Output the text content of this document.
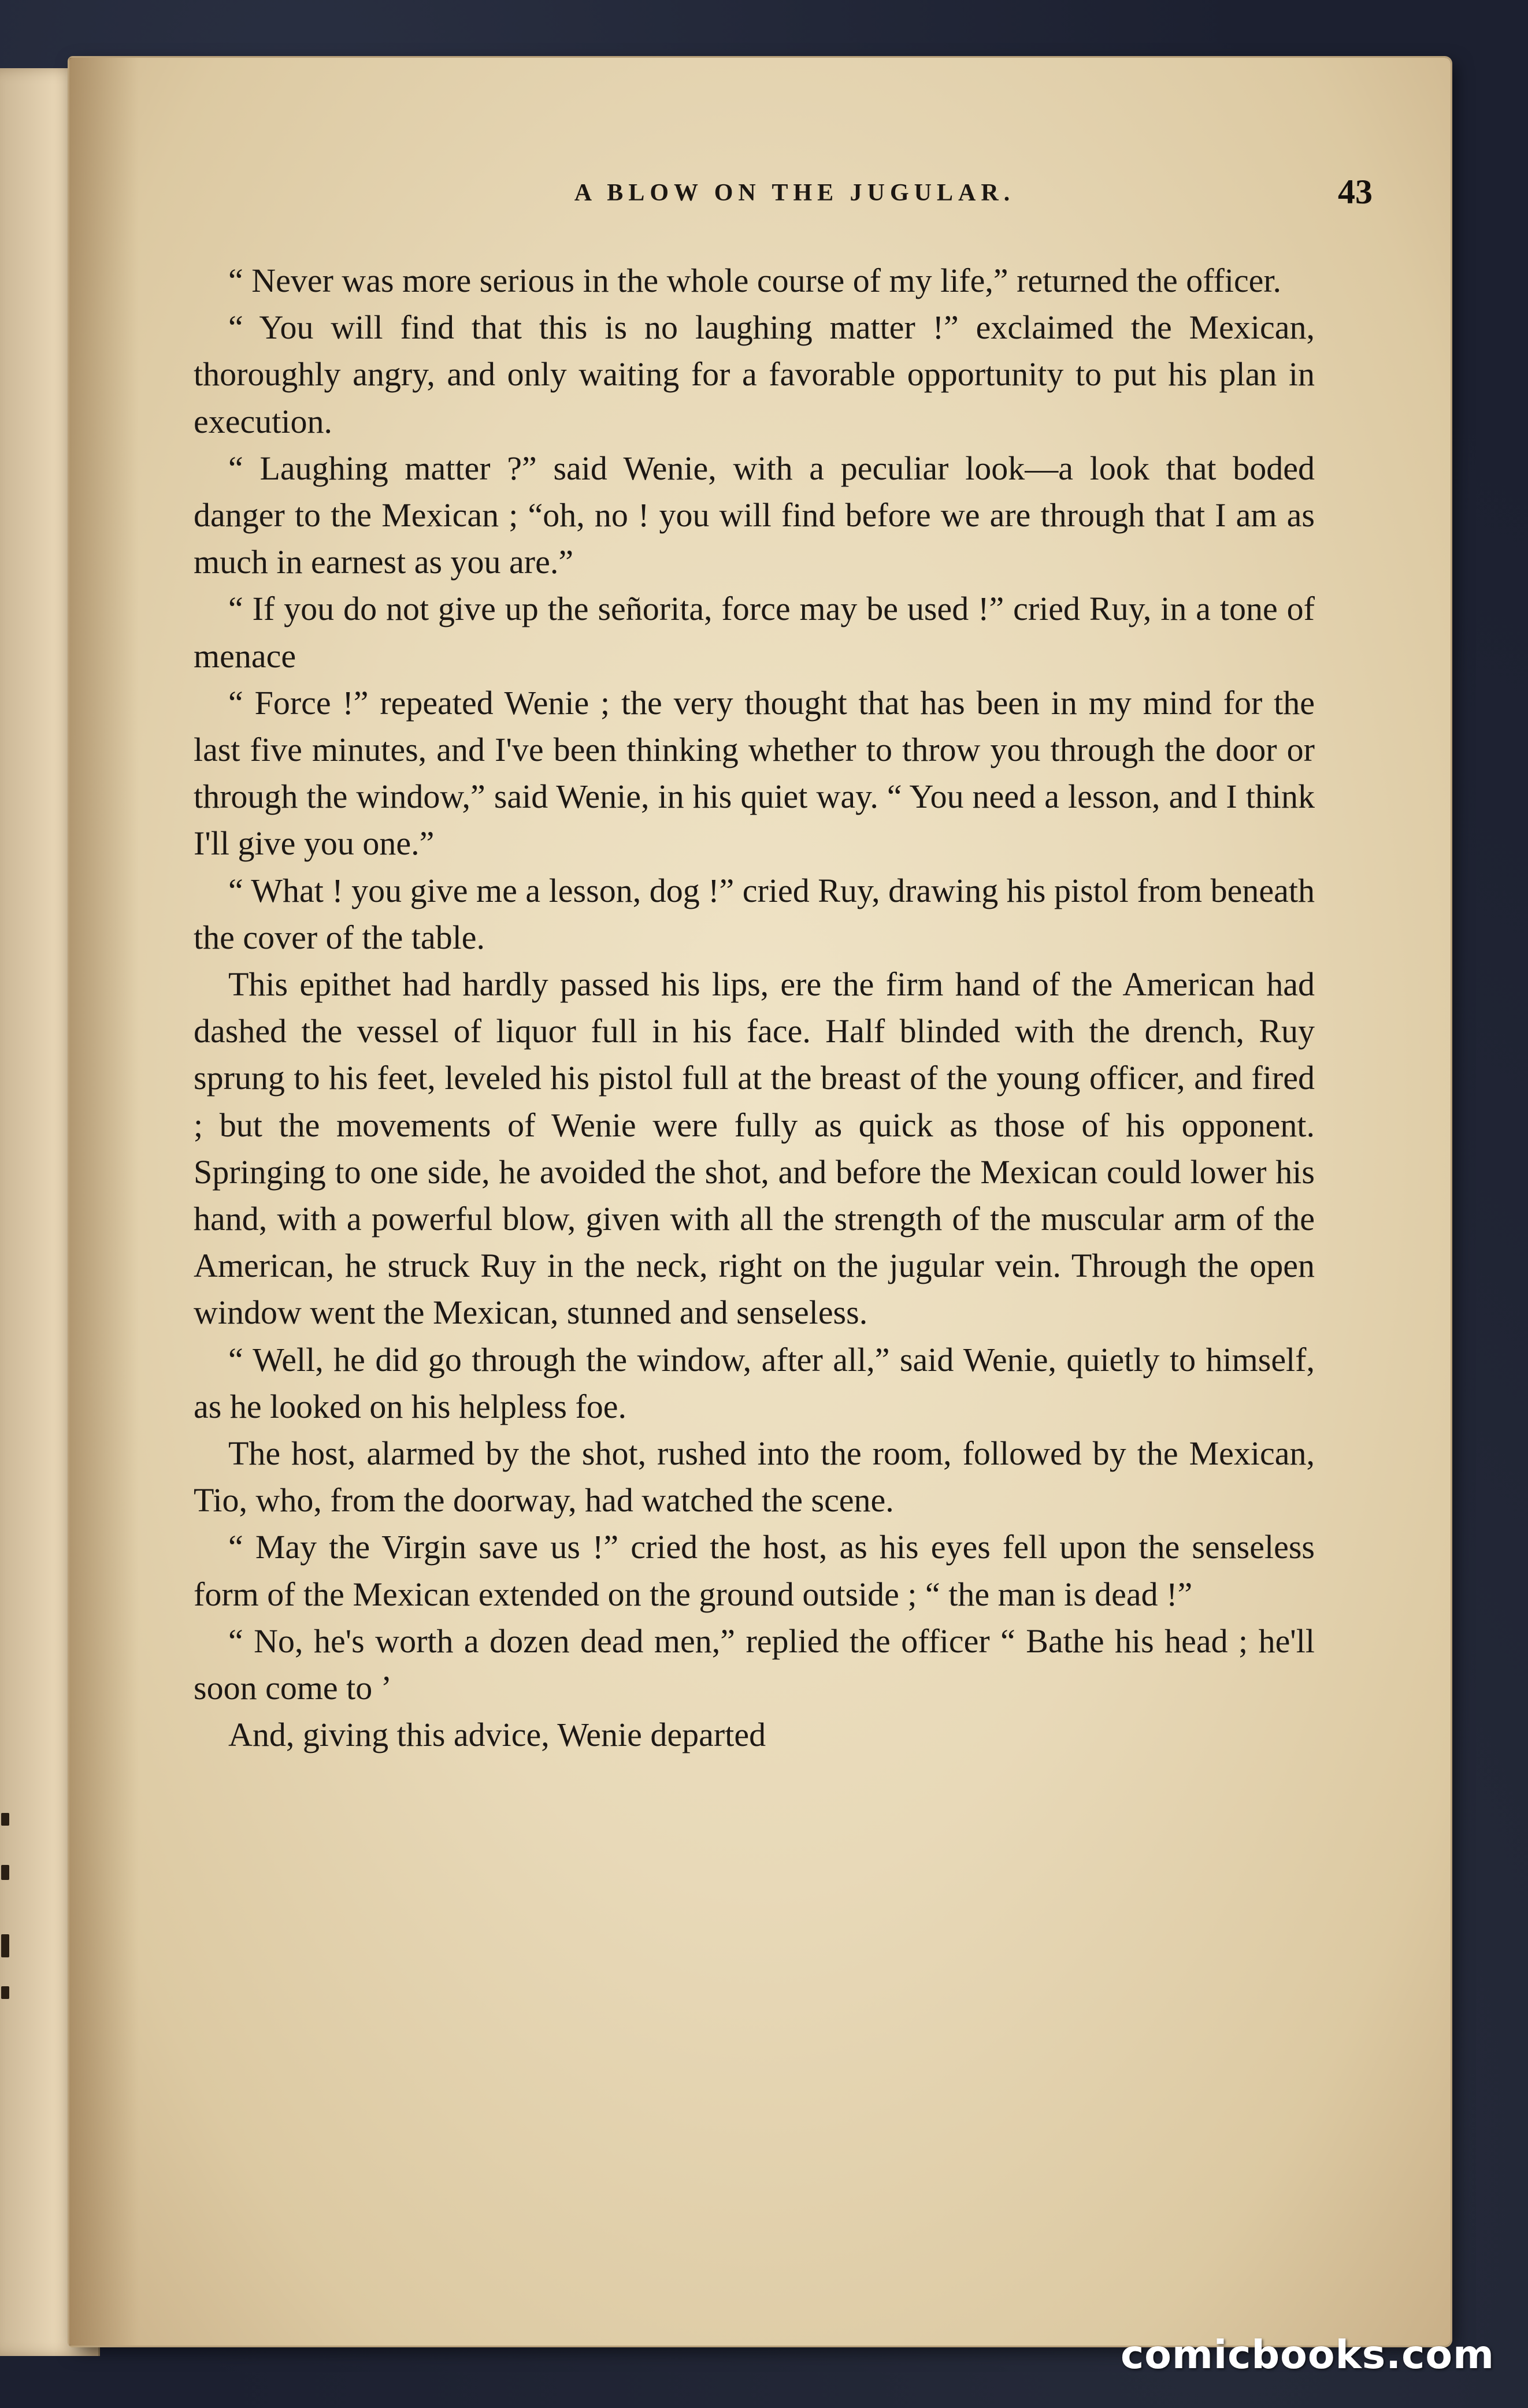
A BLOW ON THE JUGULAR.	43

“ Never was more serious in the whole course of my life,” returned the officer.

“ You will find that this is no laughing matter !” exclaimed the Mexican, thoroughly angry, and only waiting for a favorable opportunity to put his plan in execution.

“ Laughing matter ?” said Wenie, with a peculiar look—a look that boded danger to the Mexican ; “oh, no ! you will find before we are through that I am as much in earnest as you are.”

“ If you do not give up the señorita, force may be used !” cried Ruy, in a tone of menace

“ Force !” repeated Wenie ; the very thought that has been in my mind for the last five minutes, and I've been thinking whether to throw you through the door or through the window,” said Wenie, in his quiet way. “ You need a lesson, and I think I'll give you one.”

“ What ! you give me a lesson, dog !” cried Ruy, drawing his pistol from beneath the cover of the table.

This epithet had hardly passed his lips, ere the firm hand of the American had dashed the vessel of liquor full in his face. Half blinded with the drench, Ruy sprung to his feet, leveled his pistol full at the breast of the young officer, and fired ; but the movements of Wenie were fully as quick as those of his opponent. Springing to one side, he avoided the shot, and before the Mexican could lower his hand, with a powerful blow, given with all the strength of the muscular arm of the American, he struck Ruy in the neck, right on the jugular vein. Through the open window went the Mexican, stunned and senseless.

“ Well, he did go through the window, after all,” said Wenie, quietly to himself, as he looked on his helpless foe.

The host, alarmed by the shot, rushed into the room, followed by the Mexican, Tio, who, from the doorway, had watched the scene.

“ May the Virgin save us !” cried the host, as his eyes fell upon the senseless form of the Mexican extended on the ground outside ; “ the man is dead !”

“ No, he's worth a dozen dead men,” replied the officer “ Bathe his head ; he'll soon come to ’

And, giving this advice, Wenie departed

comicbooks.com
